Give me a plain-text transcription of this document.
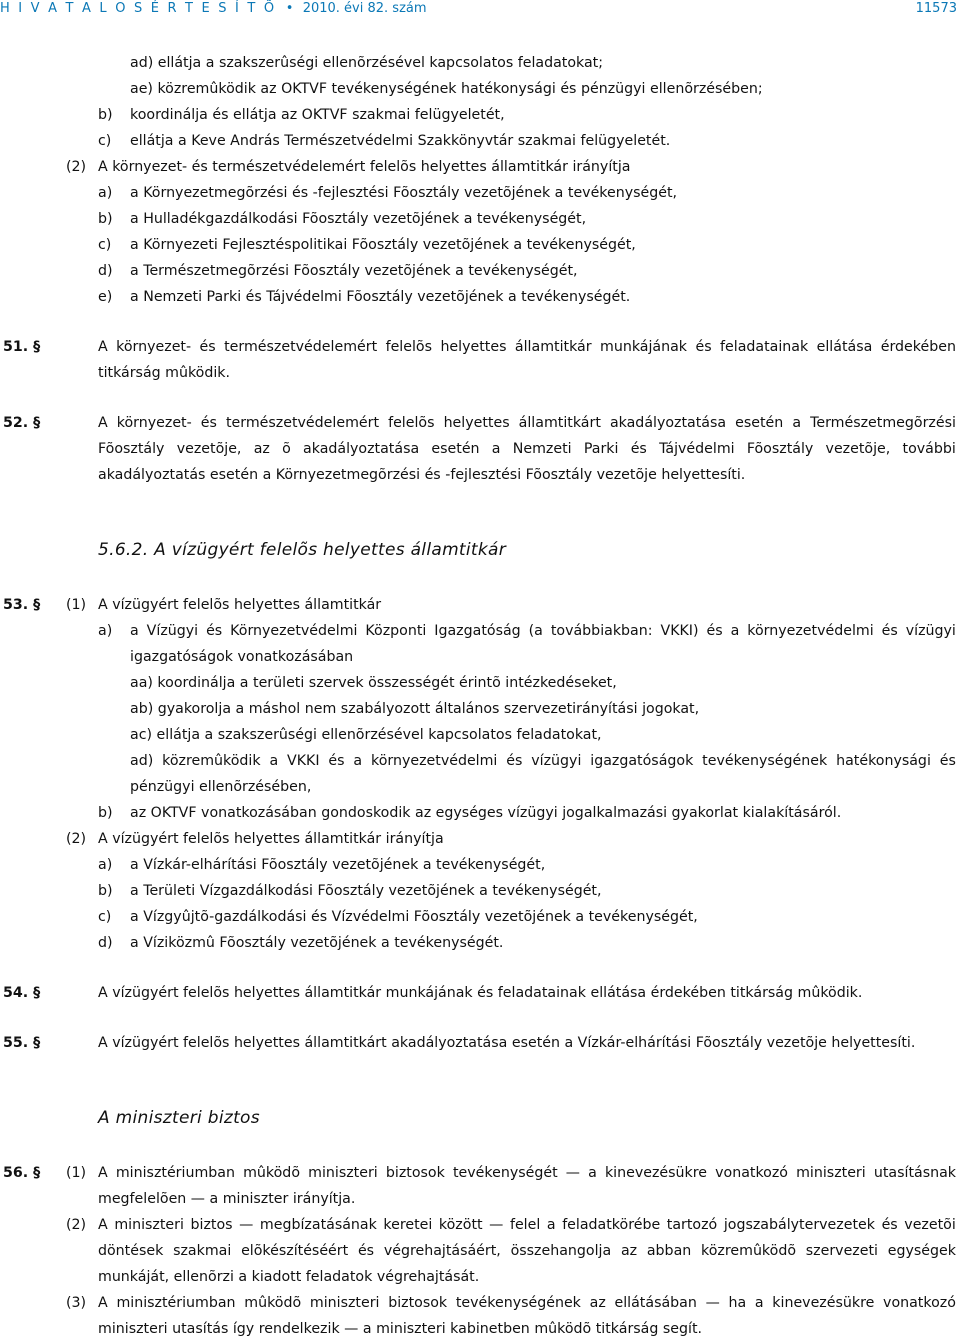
H I V A T A L O S É R T E S Í T Õ • 2010. évi 82. szám	11573
ad) ellátja a szakszerûségi ellenõrzésével kapcsolatos feladatokat;
ae) közremûködik az OKTVF tevékenységének hatékonysági és pénzügyi ellenõrzésében;
b) koordinálja és ellátja az OKTVF szakmai felügyeletét,
c) ellátja a Keve András Természetvédelmi Szakkönyvtár szakmai felügyeletét.
(2) A környezet- és természetvédelemért felelõs helyettes államtitkár irányítja
a) a Környezetmegõrzési és -fejlesztési Fõosztály vezetõjének a tevékenységét,
b) a Hulladékgazdálkodási Fõosztály vezetõjének a tevékenységét,
c) a Környezeti Fejlesztéspolitikai Fõosztály vezetõjének a tevékenységét,
d) a Természetmegõrzési Fõosztály vezetõjének a tevékenységét,
e) a Nemzeti Parki és Tájvédelmi Fõosztály vezetõjének a tevékenységét.
51. §	A környezet- és természetvédelemért felelõs helyettes államtitkár munkájának és feladatainak ellátása érdekében
titkárság mûködik.
52. §	A környezet- és természetvédelemért felelõs helyettes államtitkárt akadályoztatása esetén a Természetmegõrzési
Fõosztály vezetõje, az õ akadályoztatása esetén a Nemzeti Parki és Tájvédelmi Fõosztály vezetõje, további
akadályoztatás esetén a Környezetmegõrzési és -fejlesztési Fõosztály vezetõje helyettesíti.
5.6.2. A vízügyért felelõs helyettes államtitkár
53. § (1) A vízügyért felelõs helyettes államtitkár
a) a Vízügyi és Környezetvédelmi Központi Igazgatóság (a továbbiakban: VKKI) és a környezetvédelmi és vízügyi
igazgatóságok vonatkozásában
aa) koordinálja a területi szervek összességét érintõ intézkedéseket,
ab) gyakorolja a máshol nem szabályozott általános szervezetirányítási jogokat,
ac) ellátja a szakszerûségi ellenõrzésével kapcsolatos feladatokat,
ad) közremûködik a VKKI és a környezetvédelmi és vízügyi igazgatóságok tevékenységének hatékonysági és
pénzügyi ellenõrzésében,
b) az OKTVF vonatkozásában gondoskodik az egységes vízügyi jogalkalmazási gyakorlat kialakításáról.
(2) A vízügyért felelõs helyettes államtitkár irányítja
a) a Vízkár-elhárítási Fõosztály vezetõjének a tevékenységét,
b) a Területi Vízgazdálkodási Fõosztály vezetõjének a tevékenységét,
c) a Vízgyûjtõ-gazdálkodási és Vízvédelmi Fõosztály vezetõjének a tevékenységét,
d) a Víziközmû Fõosztály vezetõjének a tevékenységét.
54. §	A vízügyért felelõs helyettes államtitkár munkájának és feladatainak ellátása érdekében titkárság mûködik.
55. §	A vízügyért felelõs helyettes államtitkárt akadályoztatása esetén a Vízkár-elhárítási Fõosztály vezetõje helyettesíti.
A miniszteri biztos
56. § (1) A minisztériumban mûködõ miniszteri biztosok tevékenységét — a kinevezésükre vonatkozó miniszteri utasításnak
megfelelõen — a miniszter irányítja.
(2) A miniszteri biztos — megbízatásának keretei között — felel a feladatkörébe tartozó jogszabálytervezetek és vezetõi
döntések szakmai elõkészítéséért és végrehajtásáért, összehangolja az abban közremûködõ szervezeti egységek
munkáját, ellenõrzi a kiadott feladatok végrehajtását.
(3) A minisztériumban mûködõ miniszteri biztosok tevékenységének az ellátásában — ha a kinevezésükre vonatkozó
miniszteri utasítás így rendelkezik — a miniszteri kabinetben mûködõ titkárság segít.
